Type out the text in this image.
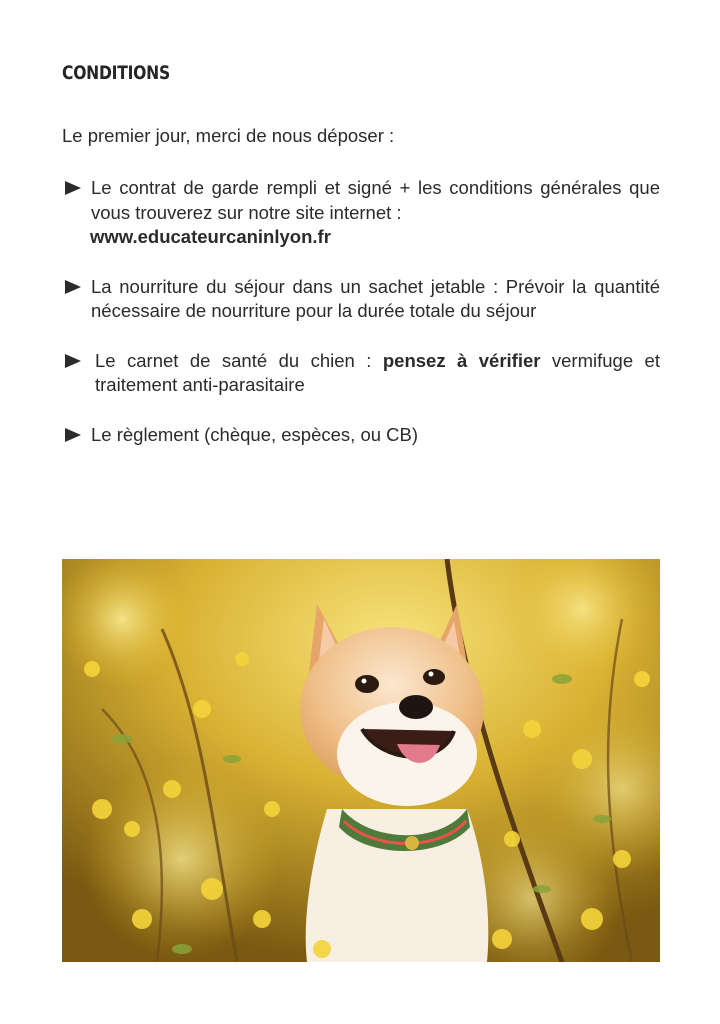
CONDITIONS

Le premier jour, merci de nous déposer :

Le contrat de garde rempli et signé + les conditions générales que vous trouverez sur notre site internet :
www.educateurcaninlyon.fr
La nourriture du séjour dans un sachet jetable : Prévoir la quantité nécessaire de nourriture pour la durée totale du séjour
Le carnet de santé du chien : pensez à vérifier vermifuge et traitement anti-parasitaire
Le règlement (chèque, espèces, ou CB)
